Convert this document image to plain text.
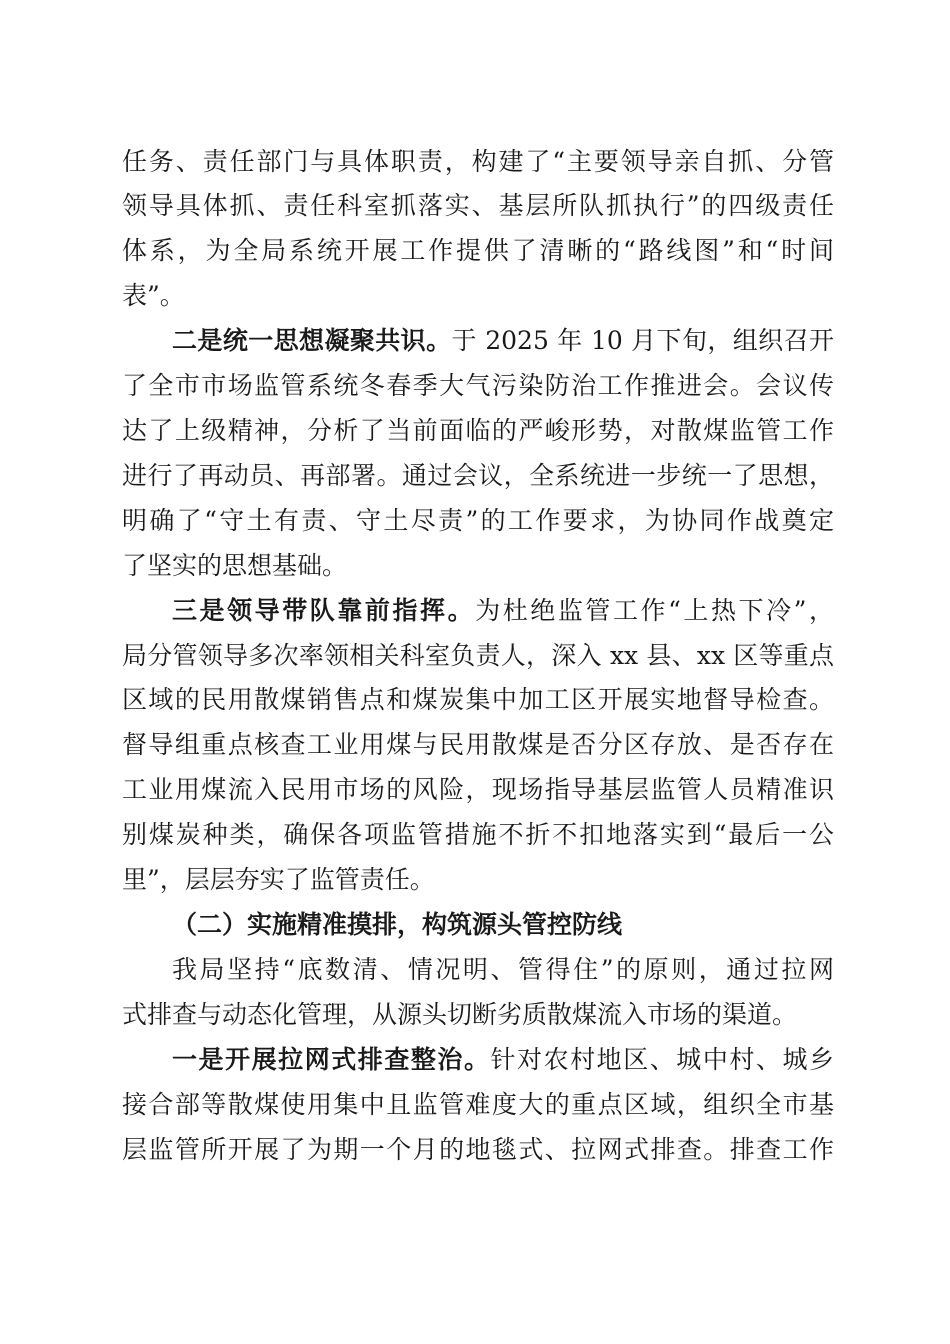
任务、责任部门与具体职责，构建了“主要领导亲自抓、分管
领导具体抓、责任科室抓落实、基层所队抓执行”的四级责任
体系，为全局系统开展工作提供了清晰的“路线图”和“时间
表”。
二是统一思想凝聚共识。于 2025 年 10 月下旬，组织召开
了全市市场监管系统冬春季大气污染防治工作推进会。会议传
达了上级精神，分析了当前面临的严峻形势，对散煤监管工作
进行了再动员、再部署。通过会议，全系统进一步统一了思想，
明确了“守土有责、守土尽责”的工作要求，为协同作战奠定
了坚实的思想基础。
三是领导带队靠前指挥。为杜绝监管工作“上热下冷”，
局分管领导多次率领相关科室负责人，深入 xx 县、xx 区等重点
区域的民用散煤销售点和煤炭集中加工区开展实地督导检查。
督导组重点核查工业用煤与民用散煤是否分区存放、是否存在
工业用煤流入民用市场的风险，现场指导基层监管人员精准识
别煤炭种类，确保各项监管措施不折不扣地落实到“最后一公
里”，层层夯实了监管责任。
（二）实施精准摸排，构筑源头管控防线
我局坚持“底数清、情况明、管得住”的原则，通过拉网
式排查与动态化管理，从源头切断劣质散煤流入市场的渠道。
一是开展拉网式排查整治。针对农村地区、城中村、城乡
接合部等散煤使用集中且监管难度大的重点区域，组织全市基
层监管所开展了为期一个月的地毯式、拉网式排查。排查工作
